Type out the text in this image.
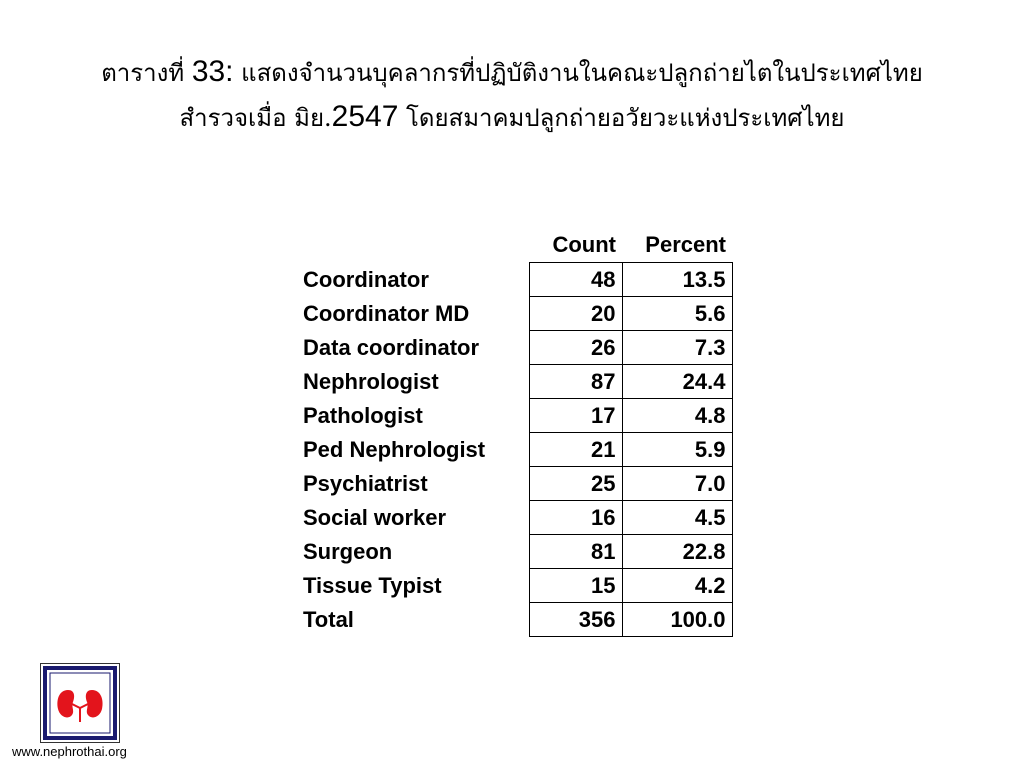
ตารางที่ 33: แสดงจำนวนบุคลากรที่ปฏิบัติงานในคณะปลูกถ่ายไตในประเทศไทย
สำรวจเมื่อ มิย.2547 โดยสมาคมปลูกถ่ายอวัยวะแห่งประเทศไทย
	Count	Percent
Coordinator	48	13.5
Coordinator MD	20	5.6
Data coordinator	26	7.3
Nephrologist	87	24.4
Pathologist	17	4.8
Ped Nephrologist	21	5.9
Psychiatrist	25	7.0
Social worker	16	4.5
Surgeon	81	22.8
Tissue Typist	15	4.2
Total	356	100.0
www.nephrothai.org
